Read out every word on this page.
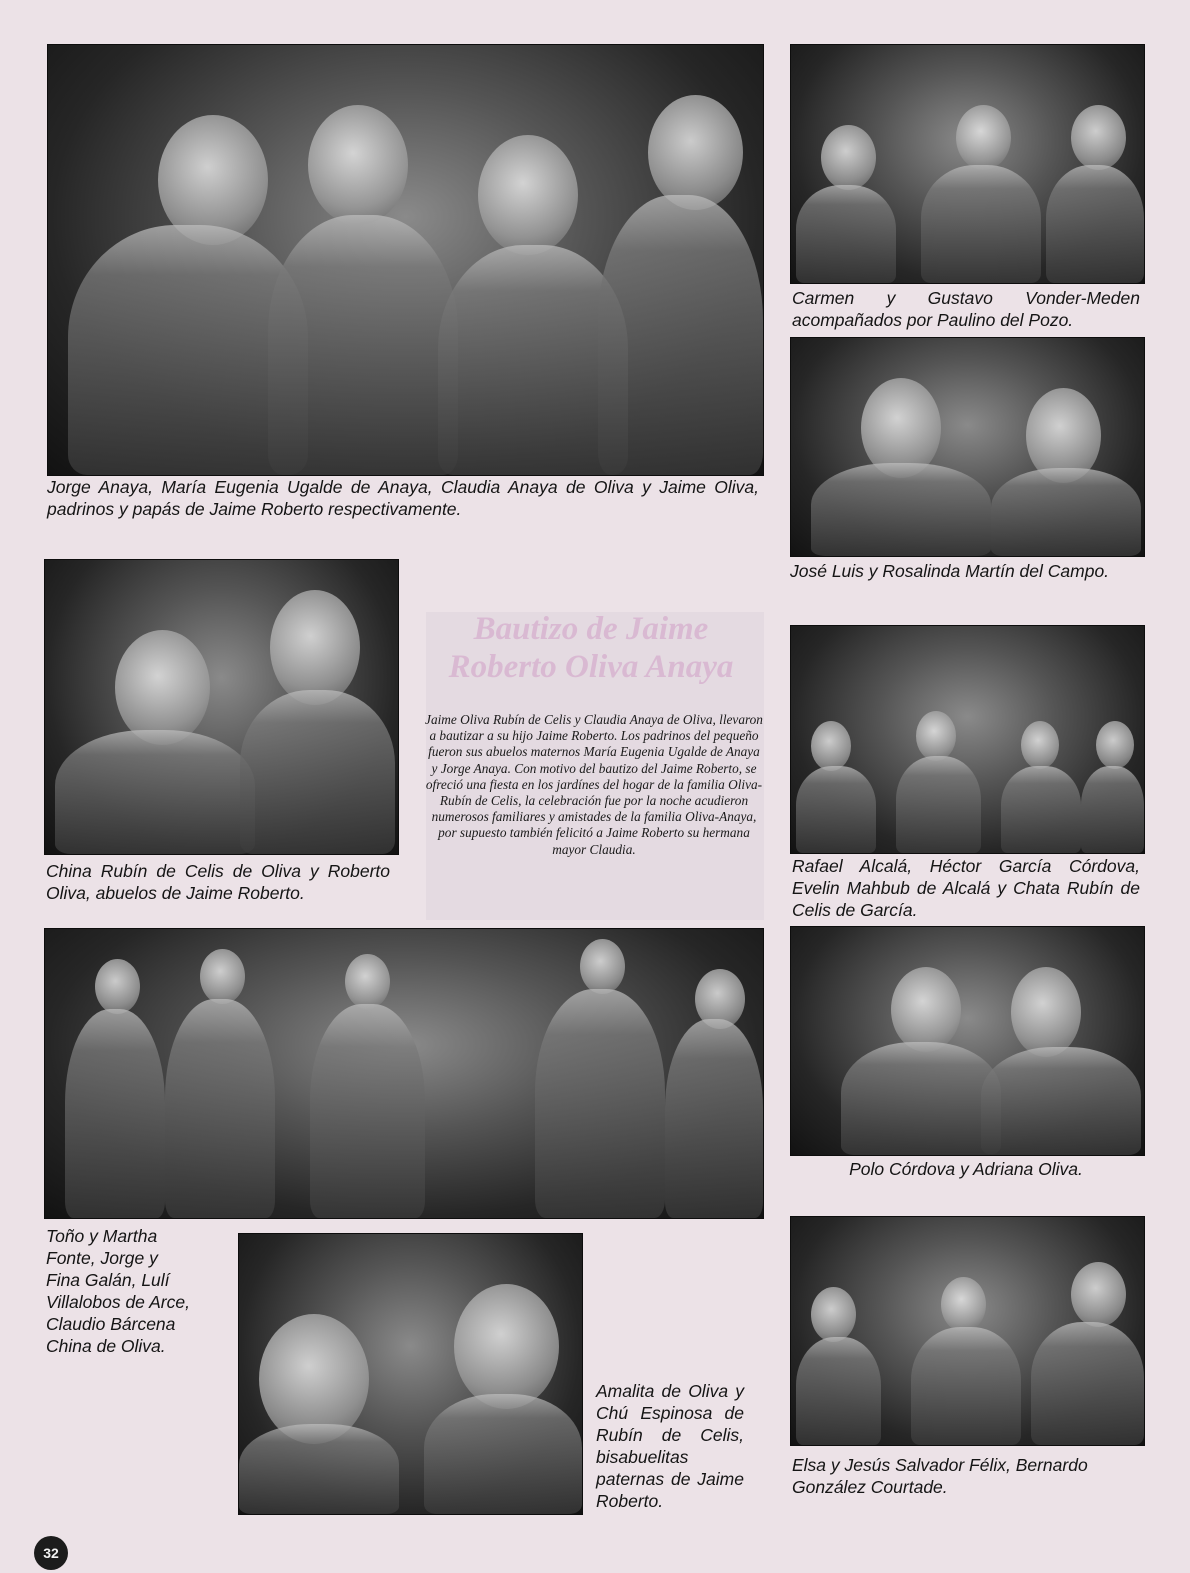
Jorge Anaya, María Eugenia Ugalde de Anaya, Claudia Anaya de Oliva y Jaime Oliva, padrinos y papás de Jaime Roberto respectivamente.

Carmen y Gustavo Vonder-Meden acompañados por Paulino del Pozo.

José Luis y Rosalinda Martín del Campo.

China Rubín de Celis de Oliva y Roberto Oliva, abuelos de Jaime Roberto.

Rafael Alcalá, Héctor García Córdova, Evelin Mahbub de Alcalá y Chata Rubín de Celis de García.

Polo Córdova y Adriana Oliva.

Toño y Martha Fonte, Jorge y Fina Galán, Lulí Villalobos de Arce, Claudio Bárcena China de Oliva.

Amalita de Oliva y Chú Espinosa de Rubín de Celis, bisabuelitas paternas de Jaime Roberto.

Elsa y Jesús Salvador Félix, Bernardo González Courtade.

Bautizo de Jaime Roberto Oliva Anaya

Jaime Oliva Rubín de Celis y Claudia Anaya de Oliva, llevaron a bautizar a su hijo Jaime Roberto. Los padrinos del pequeño fueron sus abuelos maternos María Eugenia Ugalde de Anaya y Jorge Anaya. Con motivo del bautizo del Jaime Roberto, se ofreció una fiesta en los jardínes del hogar de la familia Oliva-Rubín de Celis, la celebración fue por la noche acudieron numerosos familiares y amistades de la familia Oliva-Anaya, por supuesto también felicitó a Jaime Roberto su hermana mayor Claudia.

32
